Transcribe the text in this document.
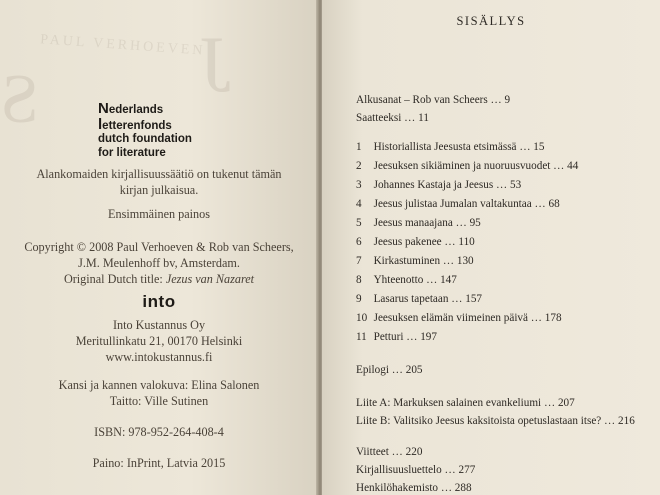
PAUL VERHOEVEN
J
S	Nederlands
letterenfonds
dutch foundation
for literature
Alankomaiden kirjallisuussäätiö on tukenut tämän
kirjan julkaisua.
Ensimmäinen painos
Copyright © 2008 Paul Verhoeven & Rob van Scheers,
J.M. Meulenhoff bv, Amsterdam.
Original Dutch title: Jezus van Nazaret
into
Into Kustannus Oy
Meritullinkatu 21, 00170 Helsinki
www.intokustannus.fi
Kansi ja kannen valokuva: Elina Salonen
Taitto: Ville Sutinen
ISBN: 978-952-264-408-4
Paino: InPrint, Latvia 2015
SISÄLLYS
Alkusanat – Rob van Scheers … 9
Saatteeksi … 11
1 Historiallista Jeesusta etsimässä … 15
2 Jeesuksen sikiäminen ja nuoruusvuodet … 44
3 Johannes Kastaja ja Jeesus … 53
4 Jeesus julistaa Jumalan valtakuntaa … 68
5 Jeesus manaajana … 95
6 Jeesus pakenee … 110
7 Kirkastuminen … 130
8 Yhteenotto … 147
9 Lasarus tapetaan … 157
10 Jeesuksen elämän viimeinen päivä … 178
11 Petturi … 197
Epilogi … 205
Liite A: Markuksen salainen evankeliumi … 207
Liite B: Valitsiko Jeesus kaksitoista opetuslastaan itse? … 216
Viitteet … 220
Kirjallisuusluettelo … 277
Henkilöhakemisto … 288
